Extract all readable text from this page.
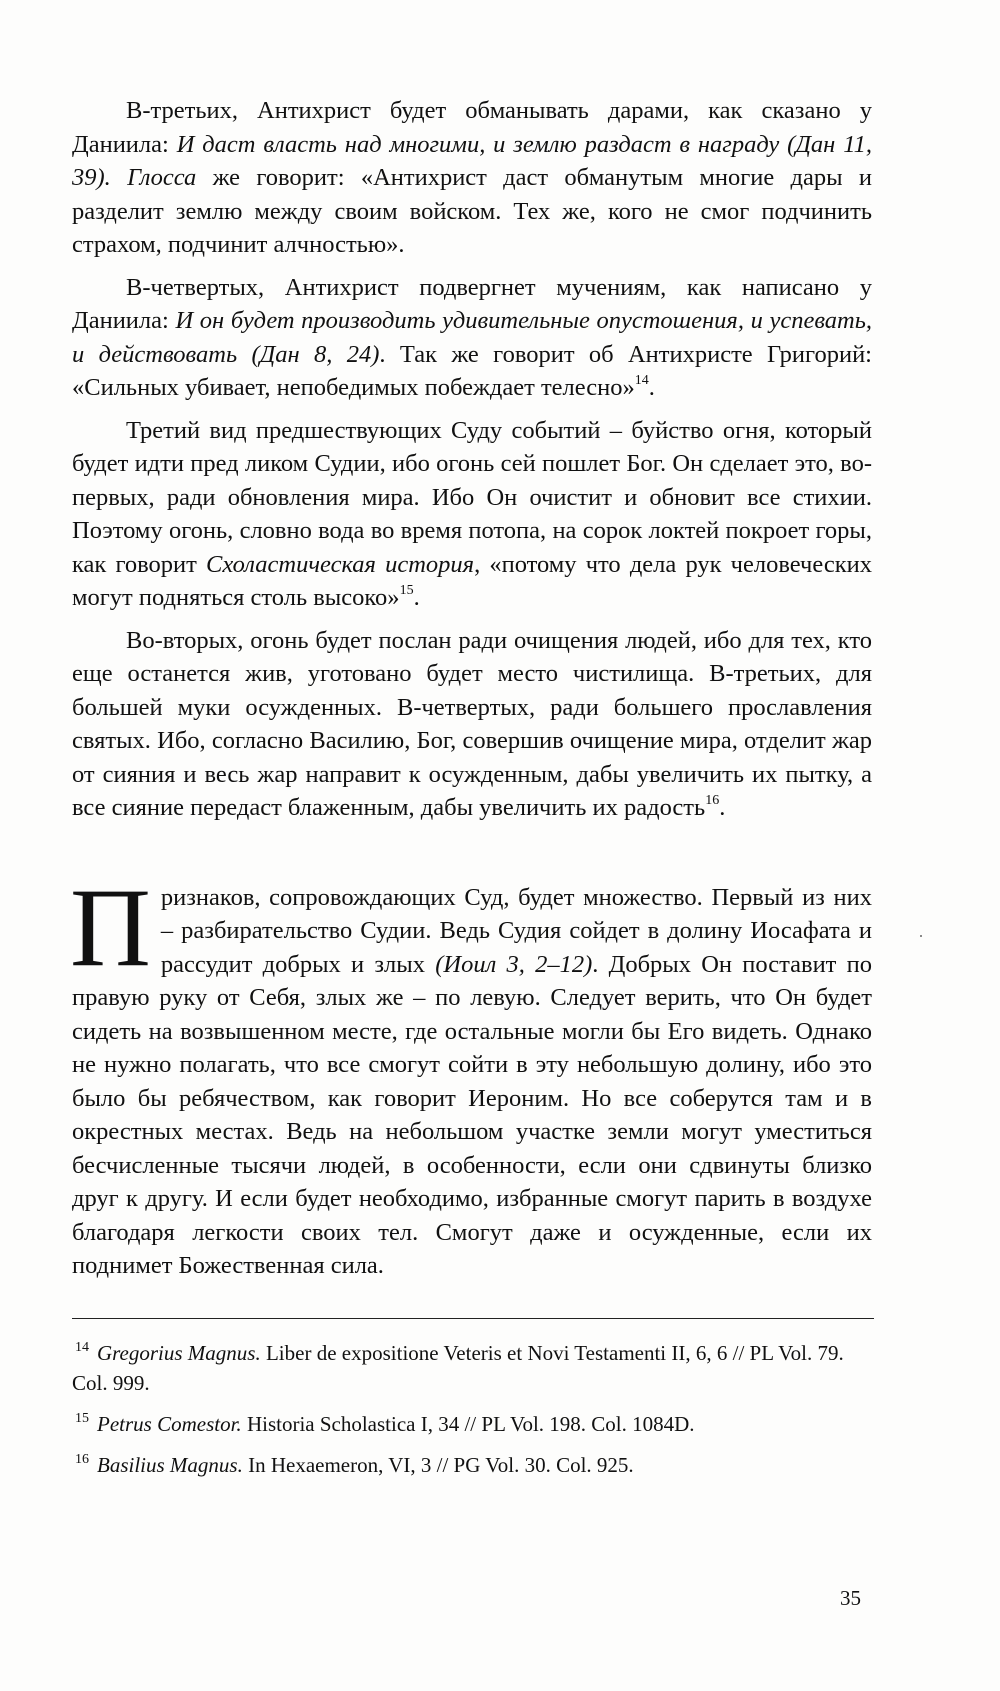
В-третьих, Антихрист будет обманывать дарами, как сказано у Даниила: И даст власть над многими, и землю раздаст в награду (Дан 11, 39). Глосса же говорит: «Антихрист даст обманутым многие дары и разделит землю между своим войском. Тех же, кого не смог подчинить страхом, подчинит алчностью».

В-четвертых, Антихрист подвергнет мучениям, как написано у Даниила: И он будет производить удивительные опустошения, и успевать, и действовать (Дан 8, 24). Так же говорит об Антихристе Григорий: «Сильных убивает, непобедимых побеждает телесно»$^{14}$.

Третий вид предшествующих Суду событий – буйство огня, который будет идти пред ликом Судии, ибо огонь сей пошлет Бог. Он сделает это, во-первых, ради обновления мира. Ибо Он очистит и обновит все стихии. Поэтому огонь, словно вода во время потопа, на сорок локтей покроет горы, как говорит Схоластическая история, «потому что дела рук человеческих могут подняться столь высоко»$^{15}$.

Во-вторых, огонь будет послан ради очищения людей, ибо для тех, кто еще останется жив, уготовано будет место чистилища. В-третьих, для большей муки осужденных. В-четвертых, ради большего прославления святых. Ибо, согласно Василию, Бог, совершив очищение мира, отделит жар от сияния и весь жар направит к осужденным, дабы увеличить их пытку, а все сияние передаст блаженным, дабы увеличить их радость$^{16}$.

Признаков, сопровождающих Суд, будет множество. Первый из них – разбирательство Судии. Ведь Судия сойдет в долину Иосафата и рассудит добрых и злых (Иоил 3, 2–12). Добрых Он поставит по правую руку от Себя, злых же – по левую. Следует верить, что Он будет сидеть на возвышенном месте, где остальные могли бы Его видеть. Однако не нужно полагать, что все смогут сойти в эту небольшую долину, ибо это было бы ребячеством, как говорит Иероним. Но все соберутся там и в окрестных местах. Ведь на небольшом участке земли могут уместиться бесчисленные тысячи людей, в особенности, если они сдвинуты близко друг к другу. И если будет необходимо, избранные смогут парить в воздухе благодаря легкости своих тел. Смогут даже и осужденные, если их поднимет Божественная сила.

$^{14}$ Gregorius Magnus. Liber de expositione Veteris et Novi Testamenti II, 6, 6 // PL Vol. 79. Col. 999.
$^{15}$ Petrus Comestor. Historia Scholastica I, 34 // PL Vol. 198. Col. 1084D.
$^{16}$ Basilius Magnus. In Hexaemeron, VI, 3 // PG Vol. 30. Col. 925.
35
